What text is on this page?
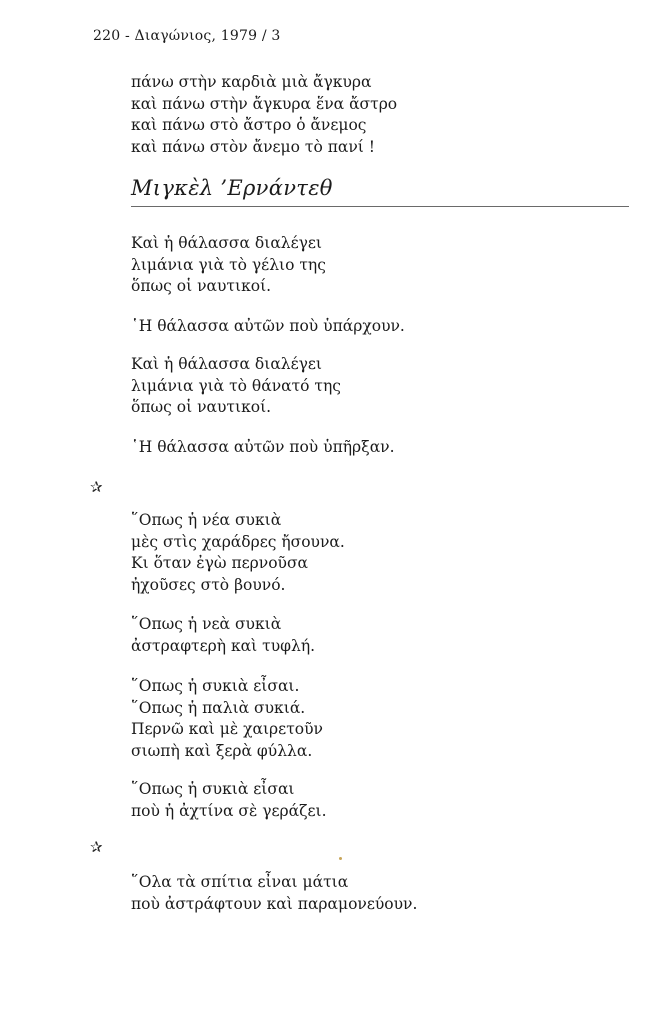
220 - Διαγώνιος, 1979 / 3

πάνω στὴν καρδιὰ μιὰ ἄγκυρα
καὶ πάνω στὴν ἄγκυρα ἕνα ἄστρο
καὶ πάνω στὸ ἄστρο ὁ ἄνεμος
καὶ πάνω στὸν ἄνεμο τὸ πανί !

Μιγκὲλ ’Ερνάντεθ

Καὶ ἡ θάλασσα διαλέγει
λιμάνια γιὰ τὸ γέλιο της
ὅπως οἱ ναυτικοί.

῾Η θάλασσα αὐτῶν ποὺ ὑπάρχουν.

Καὶ ἡ θάλασσα διαλέγει
λιμάνια γιὰ τὸ θάνατό της
ὅπως οἱ ναυτικοί.

῾Η θάλασσα αὐτῶν ποὺ ὑπῆρξαν.

✰

῞Οπως ἡ νέα συκιὰ
μὲς στὶς χαράδρες ἤσουνα.
Κι ὅταν ἐγὼ περνοῦσα
ἠχοῦσες στὸ βουνό.

῞Οπως ἡ νεὰ συκιὰ
ἀστραφτερὴ καὶ τυφλή.

῞Οπως ἡ συκιὰ εἶσαι.
῞Οπως ἡ παλιὰ συκιά.
Περνῶ καὶ μὲ χαιρετοῦν
σιωπὴ καὶ ξερὰ φύλλα.

῞Οπως ἡ συκιὰ εἶσαι
ποὺ ἡ ἀχτίνα σὲ γεράζει.

✰

῞Ολα τὰ σπίτια εἶναι μάτια
ποὺ ἀστράφτουν καὶ παραμονεύουν.
